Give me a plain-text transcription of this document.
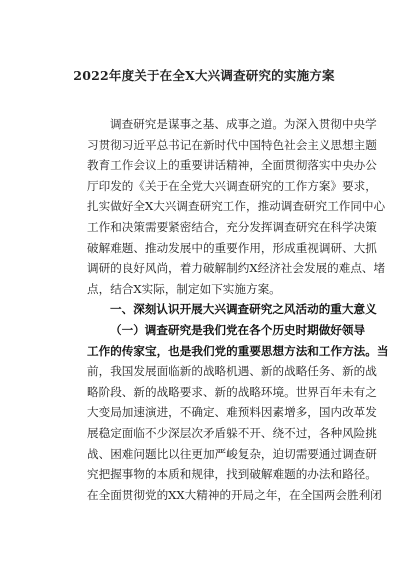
2022年度关于在全X大兴调查研究的实施方案
调查研究是谋事之基、成事之道。为深入贯彻中央学
习贯彻习近平总书记在新时代中国特色社会主义思想主题
教育工作会议上的重要讲话精神，全面贯彻落实中央办公
厅印发的《关于在全党大兴调查研究的工作方案》要求，
扎实做好全X大兴调查研究工作，推动调查研究工作同中心
工作和决策需要紧密结合，充分发挥调查研究在科学决策
破解难题、推动发展中的重要作用，形成重视调研、大抓
调研的良好风尚，着力破解制约X经济社会发展的难点、堵
点，结合X实际，制定如下实施方案。
一、深刻认识开展大兴调查研究之风活动的重大意义
（一）调查研究是我们党在各个历史时期做好领导
工作的传家宝，也是我们党的重要思想方法和工作方法。当
前，我国发展面临新的战略机遇、新的战略任务、新的战
略阶段、新的战略要求、新的战略环境。世界百年未有之
大变局加速演进，不确定、难预料因素增多，国内改革发
展稳定面临不少深层次矛盾躲不开、绕不过，各种风险挑
战、困难问题比以往更加严峻复杂，迫切需要通过调查研
究把握事物的本质和规律，找到破解难题的办法和路径。
在全面贯彻党的XX大精神的开局之年，在全国两会胜利闭
